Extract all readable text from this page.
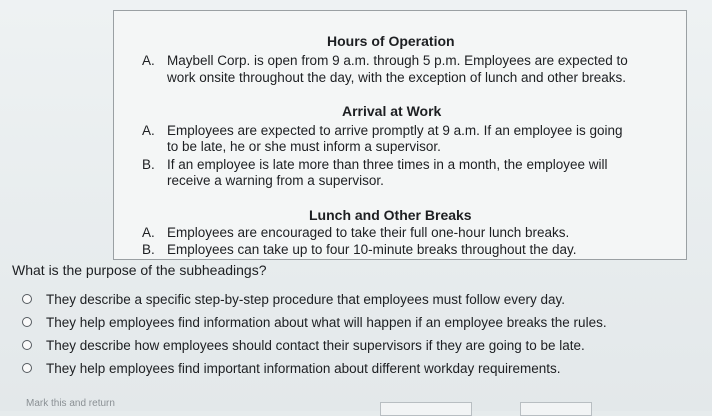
Hours of Operation
A. Maybell Corp. is open from 9 a.m. through 5 p.m. Employees are expected to
work onsite throughout the day, with the exception of lunch and other breaks.
Arrival at Work
A. Employees are expected to arrive promptly at 9 a.m. If an employee is going
to be late, he or she must inform a supervisor.
B. If an employee is late more than three times in a month, the employee will
receive a warning from a supervisor.
Lunch and Other Breaks
A. Employees are encouraged to take their full one-hour lunch breaks.
B. Employees can take up to four 10-minute breaks throughout the day.
What is the purpose of the subheadings?
They describe a specific step-by-step procedure that employees must follow every day.
They help employees find information about what will happen if an employee breaks the rules.
They describe how employees should contact their supervisors if they are going to be late.
They help employees find important information about different workday requirements.
Mark this and return
